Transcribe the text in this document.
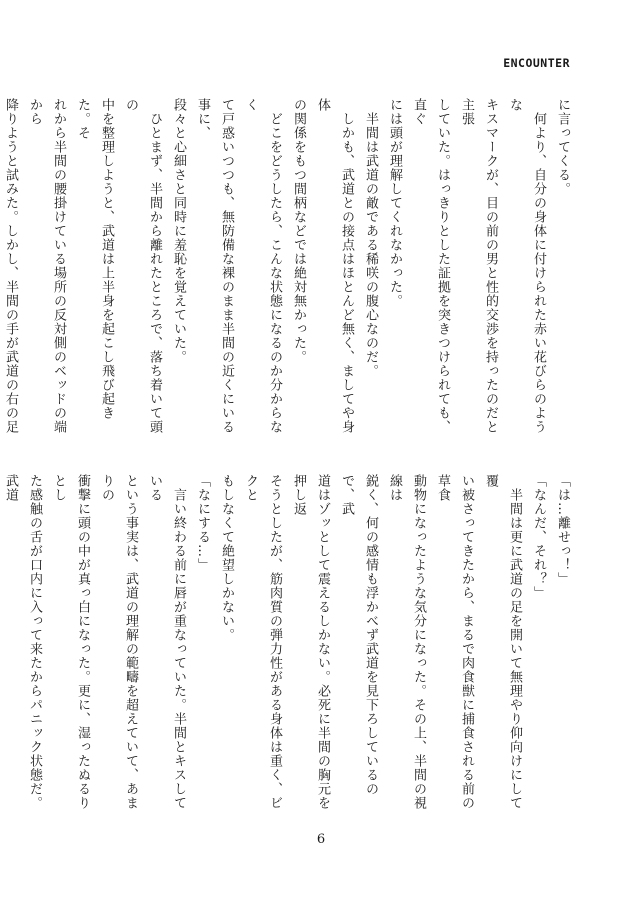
ENCOUNTER

に言ってくる。

　何より、自分の身体に付けられた赤い花びらのような

キスマークが、目の前の男と性的交渉を持ったのだと主張

していた。はっきりとした証拠を突きつけられても、直ぐ

には頭が理解してくれなかった。

　半間は武道の敵である稀咲の腹心なのだ。

　しかも、武道との接点はほとんど無く、ましてや身体

の関係をもつ間柄などでは絶対無かった。

　どこをどうしたら、こんな状態になるのか分からなく

て戸惑いつつも、無防備な裸のまま半間の近くにいる事に、

段々と心細さと同時に羞恥を覚えていた。

　ひとまず、半間から離れたところで、落ち着いて頭の

中を整理しようと、武道は上半身を起こし飛び起きた。そ

れから半間の腰掛けている場所の反対側のベッドの端から

降りようと試みた。しかし、半間の手が武道の右の足

「は…離せっ！」

「なんだ、それ？」

　半間は更に武道の足を開いて無理やり仰向けにして覆

い被さってきたから、まるで肉食獣に捕食される前の草食

動物になったような気分になった。その上、半間の視線は

鋭く、何の感情も浮かべず武道を見下ろしているので、武

道はゾッとして震えるしかない。必死に半間の胸元を押し返

そうとしたが、筋肉質の弾力性がある身体は重く、ビクと

もしなくて絶望しかない。

「なにする…」

　言い終わる前に唇が重なっていた。半間とキスしている

という事実は、武道の理解の範疇を超えていて、あまりの

衝撃に頭の中が真っ白になった。更に、湿ったぬるりとし

た感触の舌が口内に入って来たからパニック状態だ。武道

6
